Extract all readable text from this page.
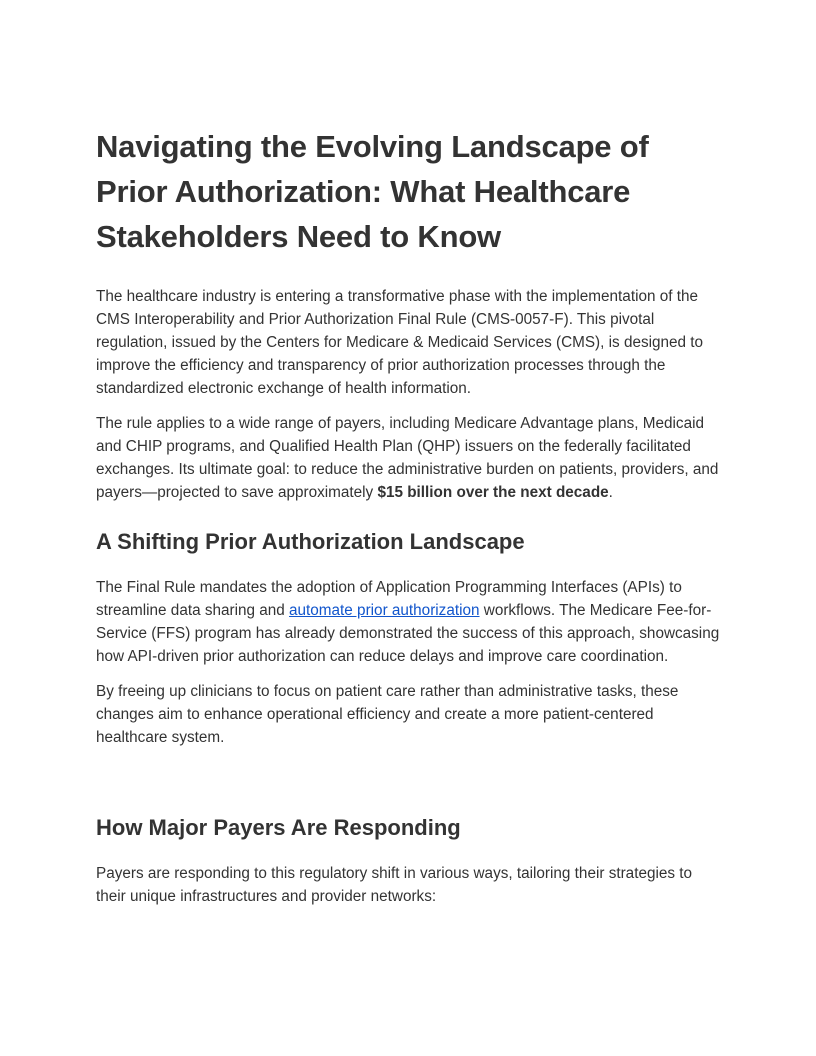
Navigating the Evolving Landscape of Prior Authorization: What Healthcare Stakeholders Need to Know

The healthcare industry is entering a transformative phase with the implementation of the CMS Interoperability and Prior Authorization Final Rule (CMS-0057-F). This pivotal regulation, issued by the Centers for Medicare & Medicaid Services (CMS), is designed to improve the efficiency and transparency of prior authorization processes through the standardized electronic exchange of health information.

The rule applies to a wide range of payers, including Medicare Advantage plans, Medicaid and CHIP programs, and Qualified Health Plan (QHP) issuers on the federally facilitated exchanges. Its ultimate goal: to reduce the administrative burden on patients, providers, and payers—projected to save approximately $15 billion over the next decade.

A Shifting Prior Authorization Landscape

The Final Rule mandates the adoption of Application Programming Interfaces (APIs) to streamline data sharing and automate prior authorization workflows. The Medicare Fee-for-Service (FFS) program has already demonstrated the success of this approach, showcasing how API-driven prior authorization can reduce delays and improve care coordination.

By freeing up clinicians to focus on patient care rather than administrative tasks, these changes aim to enhance operational efficiency and create a more patient-centered healthcare system.

How Major Payers Are Responding

Payers are responding to this regulatory shift in various ways, tailoring their strategies to their unique infrastructures and provider networks:
